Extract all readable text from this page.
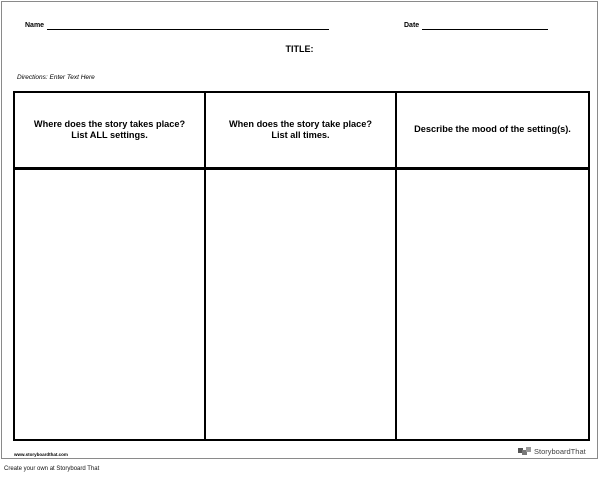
Name	Date
TITLE:
Directions: Enter Text Here
Where does the story takes place? List ALL settings.
When does the story take place? List all times.
Describe the mood of the setting(s).
www.storyboardthat.com	StoryboardThat
Create your own at Storyboard That
